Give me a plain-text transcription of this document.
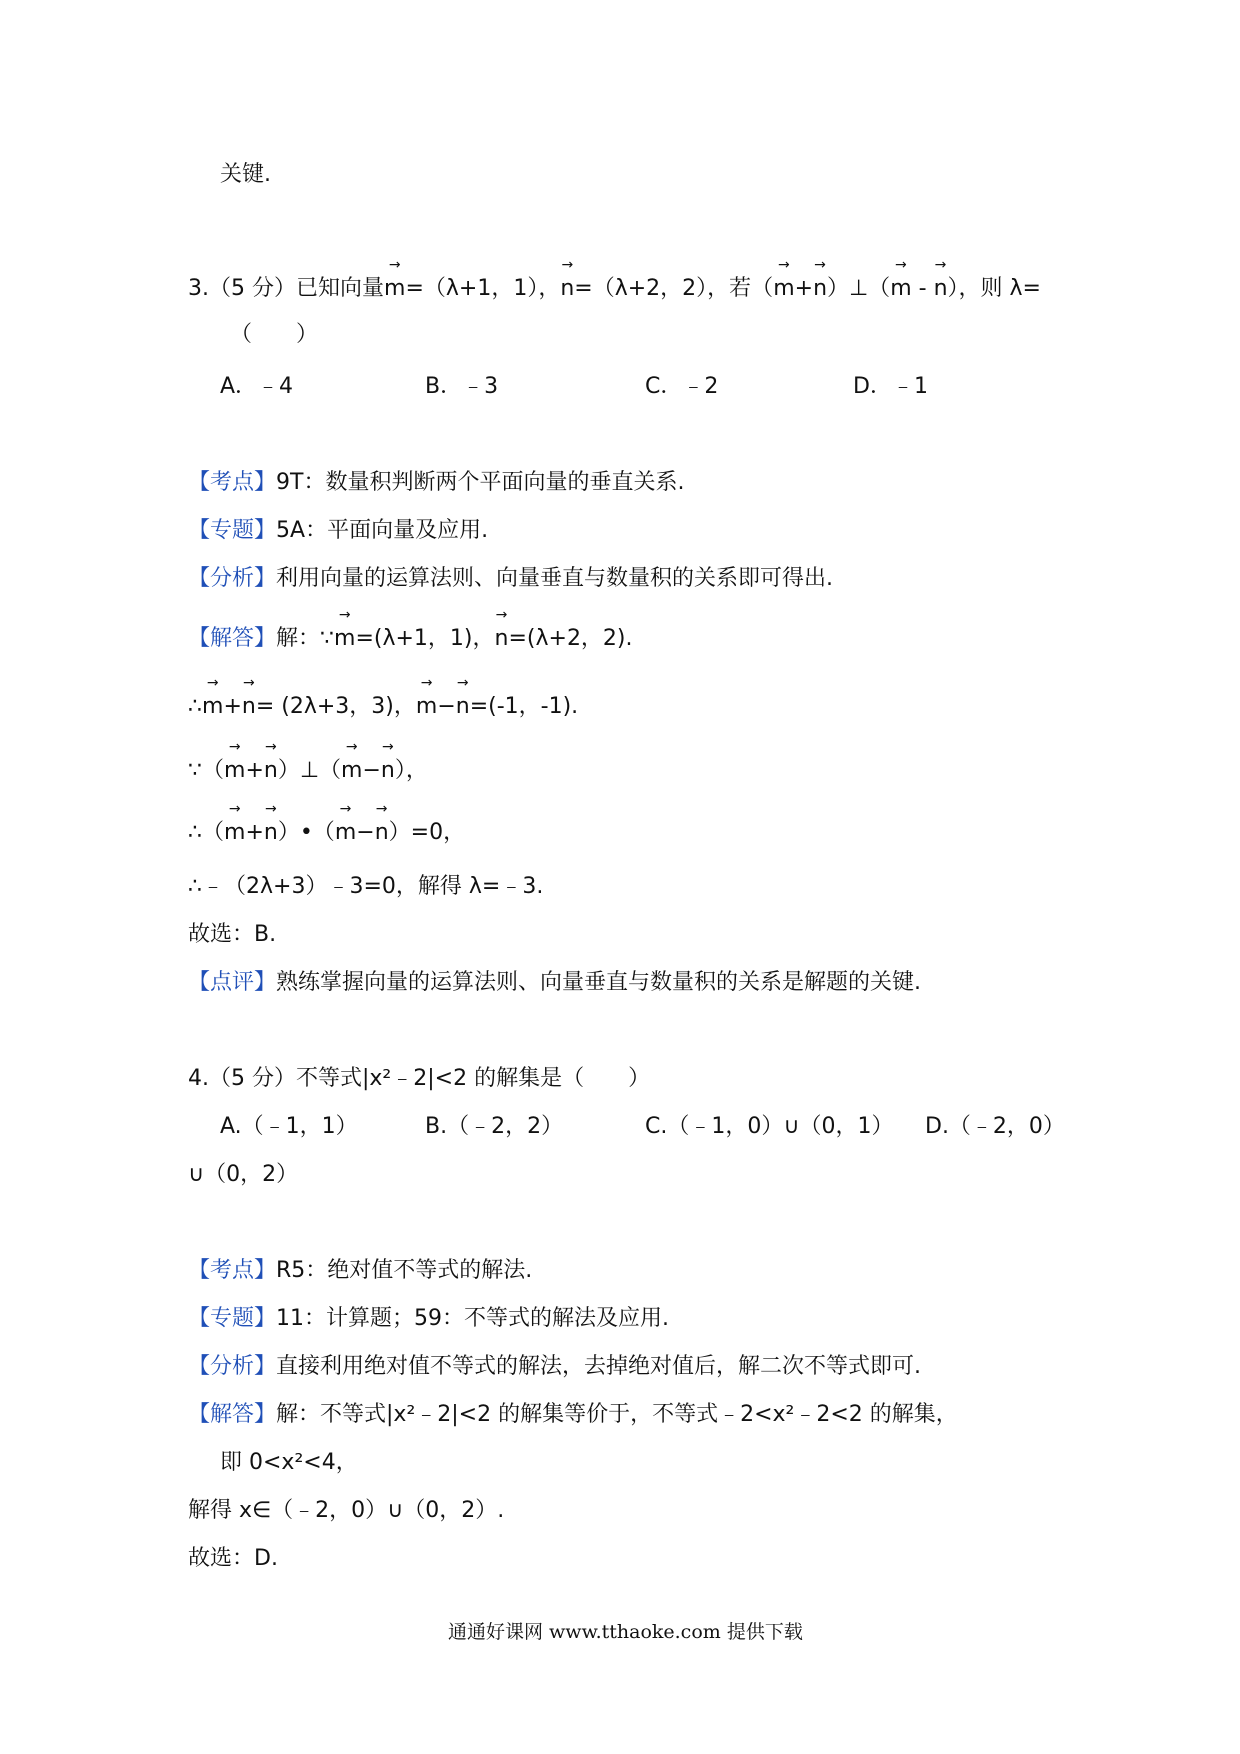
关键.
3.（5 分）已知向量→ m=（λ+1，1），→ n=（λ+2，2），若（→ m+→ n）⊥（→ m - → n），则 λ=
（　　）
A．﹣4	B．﹣3	C．﹣2	D．﹣1
【考点】9T：数量积判断两个平面向量的垂直关系.
【专题】5A：平面向量及应用.
【分析】利用向量的运算法则、向量垂直与数量积的关系即可得出.
【解答】解：∵→ m=(λ+1，1)，→ n=(λ+2，2).
∴→ m+→ n= (2λ+3，3)，→ m−→ n=(-1，-1).
∵（→ m+→ n）⊥（→ m−→ n），
∴（→ m+→ n）•（→ m−→ n）=0，
∴﹣（2λ+3）﹣3=0，解得 λ=﹣3.
故选：B.
【点评】熟练掌握向量的运算法则、向量垂直与数量积的关系是解题的关键.
4.（5 分）不等式|x²﹣2|<2 的解集是（　　）
A.（﹣1，1）	B.（﹣2，2）	C.（﹣1，0）∪（0，1） D.（﹣2，0）
∪（0，2）
【考点】R5：绝对值不等式的解法.
【专题】11：计算题；59：不等式的解法及应用.
【分析】直接利用绝对值不等式的解法，去掉绝对值后，解二次不等式即可.
【解答】解：不等式|x²﹣2|<2 的解集等价于，不等式﹣2<x²﹣2<2 的解集，
即 0<x²<4，
解得 x∈（﹣2，0）∪（0，2）.
故选：D.
通通好课网 www.tthaoke.com 提供下载
